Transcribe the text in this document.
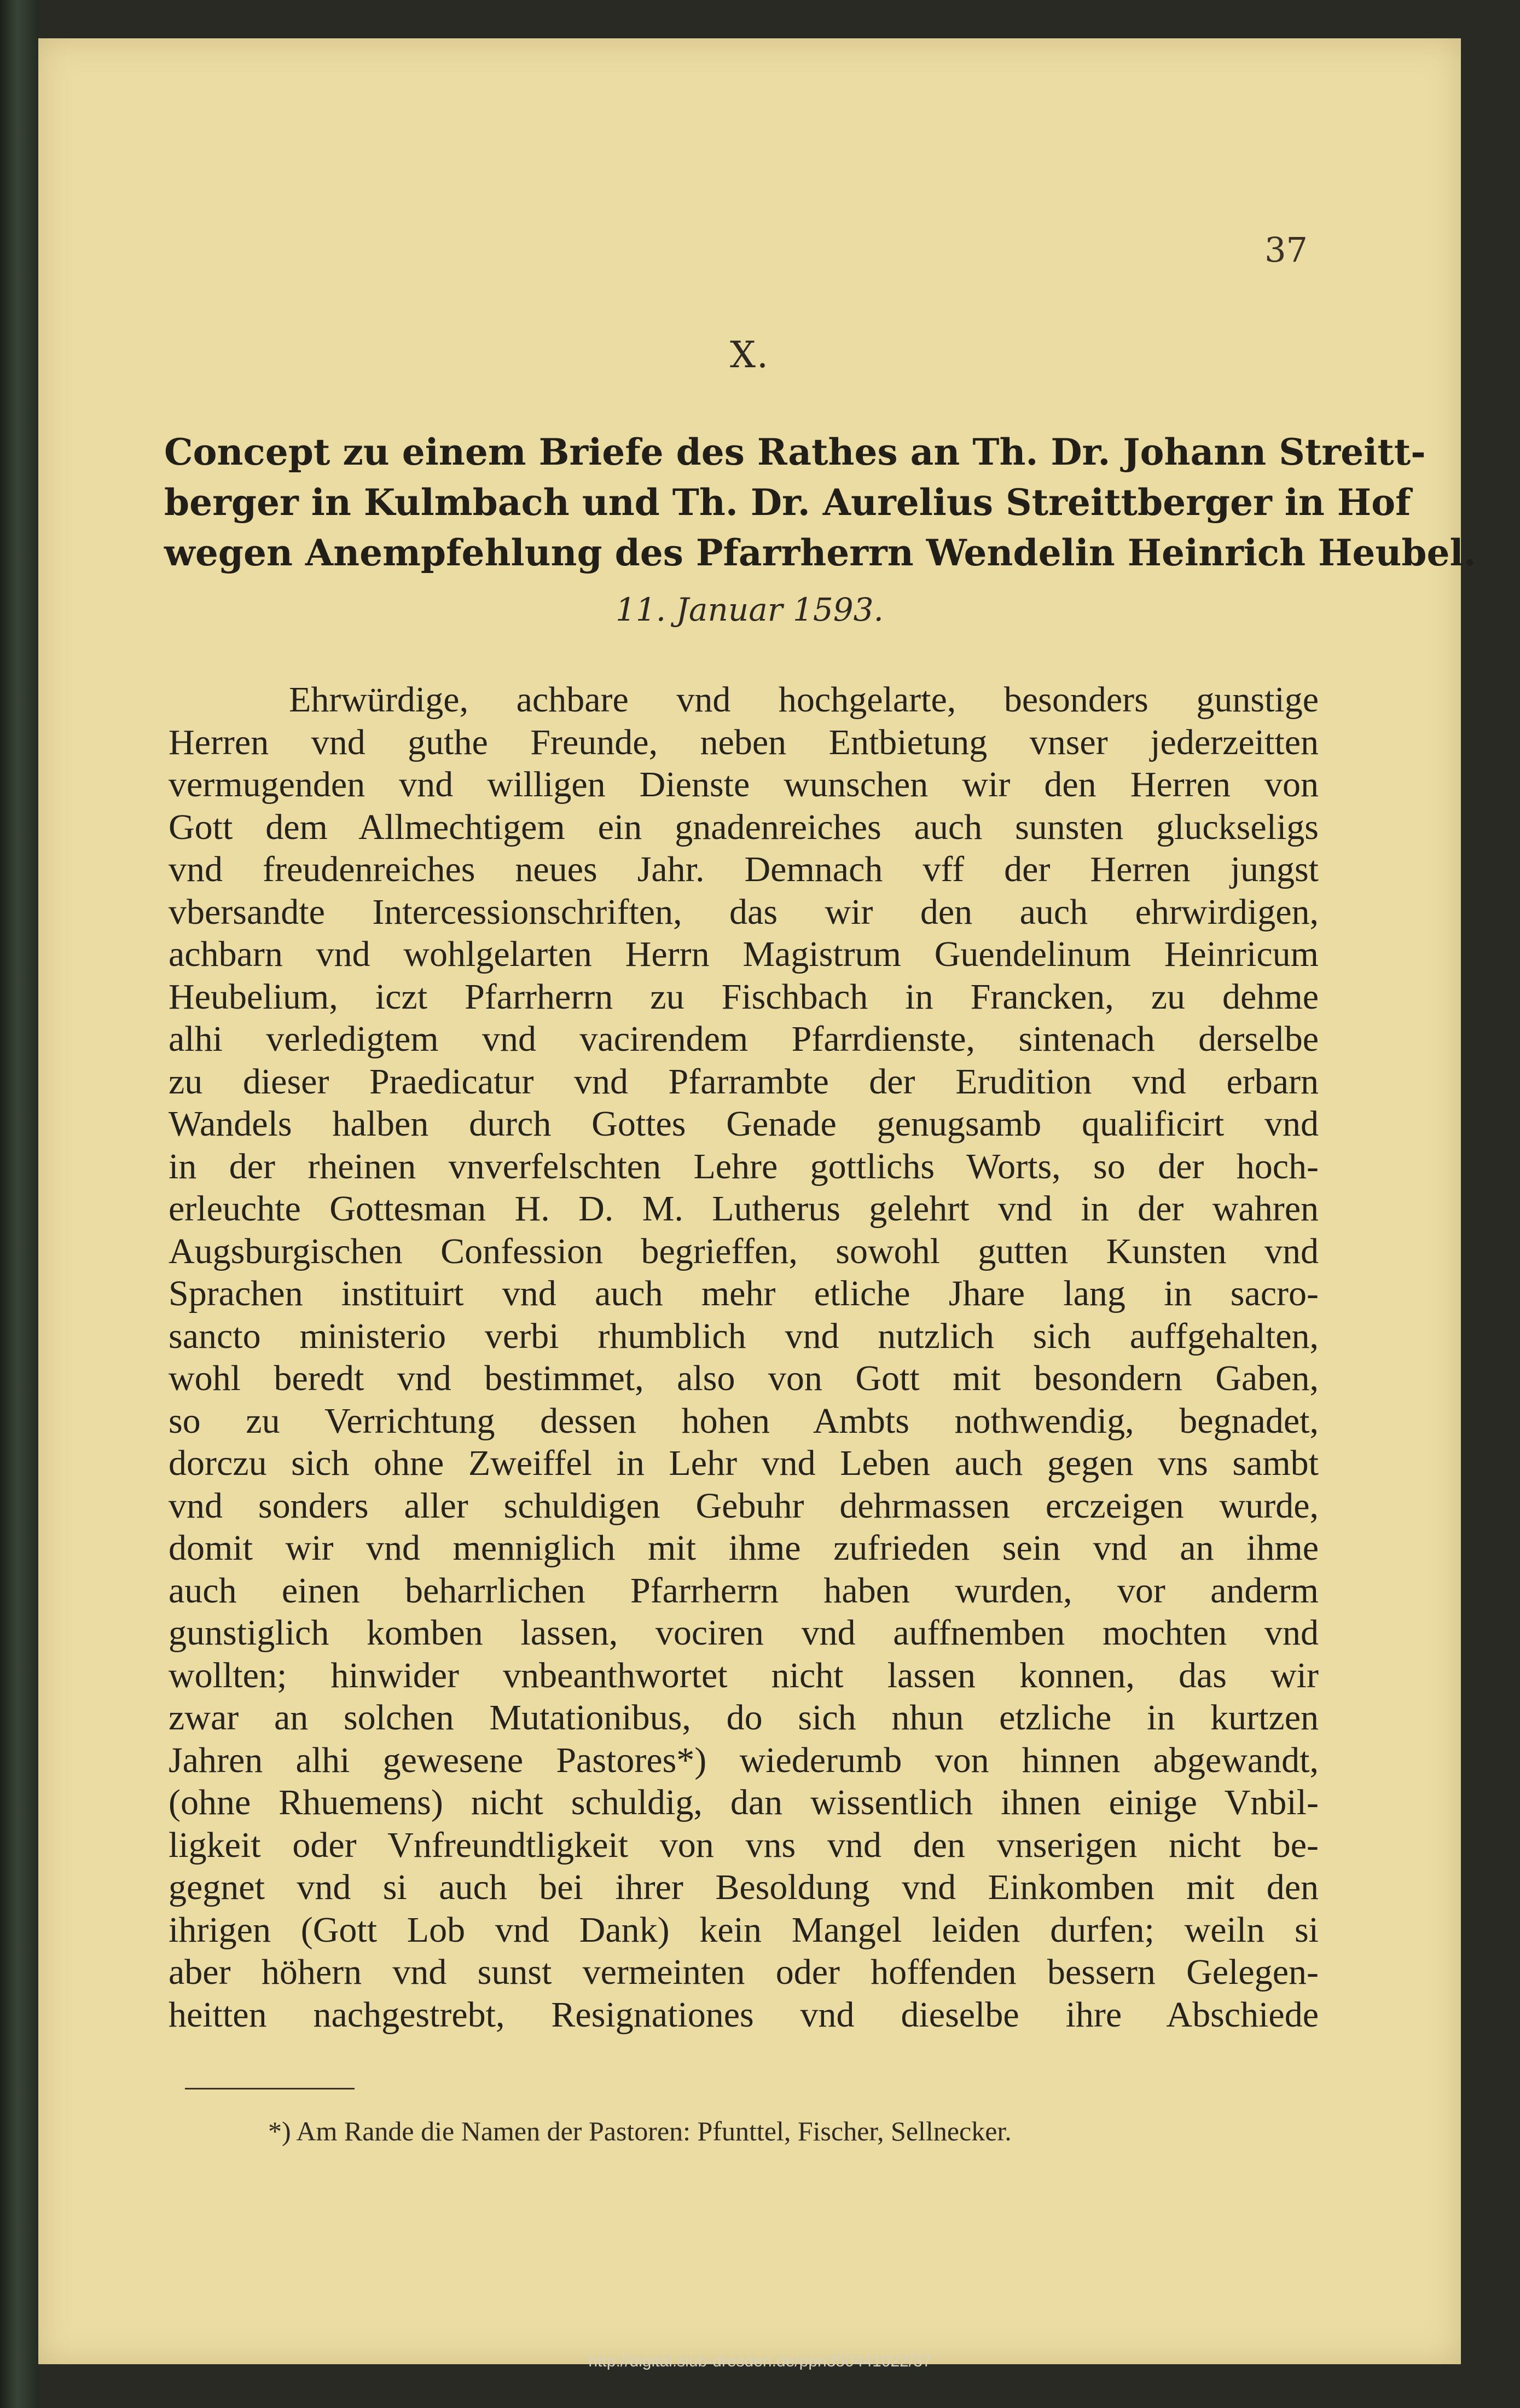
37
X.
Concept zu einem Briefe des Rathes an Th. Dr. Johann Streitt-
berger in Kulmbach und Th. Dr. Aurelius Streittberger in Hof
wegen Anempfehlung des Pfarrherrn Wendelin Heinrich Heubel.
11. Januar 1593.
Ehrwürdige, achbare vnd hochgelarte, besonders gunstige
Herren vnd guthe Freunde, neben Entbietung vnser jederzeitten
vermugenden vnd willigen Dienste wunschen wir den Herren von
Gott dem Allmechtigem ein gnadenreiches auch sunsten gluckseligs
vnd freudenreiches neues Jahr. Demnach vff der Herren jungst
vbersandte Intercessionschriften, das wir den auch ehrwirdigen,
achbarn vnd wohlgelarten Herrn Magistrum Guendelinum Heinricum
Heubelium, iczt Pfarrherrn zu Fischbach in Francken, zu dehme
alhi verledigtem vnd vacirendem Pfarrdienste, sintenach derselbe
zu dieser Praedicatur vnd Pfarrambte der Erudition vnd erbarn
Wandels halben durch Gottes Genade genugsamb qualificirt vnd
in der rheinen vnverfelschten Lehre gottlichs Worts, so der hoch-
erleuchte Gottesman H. D. M. Lutherus gelehrt vnd in der wahren
Augsburgischen Confession begrieffen, sowohl gutten Kunsten vnd
Sprachen instituirt vnd auch mehr etliche Jhare lang in sacro-
sancto ministerio verbi rhumblich vnd nutzlich sich auffgehalten,
wohl beredt vnd bestimmet, also von Gott mit besondern Gaben,
so zu Verrichtung dessen hohen Ambts nothwendig, begnadet,
dorczu sich ohne Zweiffel in Lehr vnd Leben auch gegen vns sambt
vnd sonders aller schuldigen Gebuhr dehrmassen erczeigen wurde,
domit wir vnd menniglich mit ihme zufrieden sein vnd an ihme
auch einen beharrlichen Pfarrherrn haben wurden, vor anderm
gunstiglich komben lassen, vociren vnd auffnemben mochten vnd
wollten; hinwider vnbeanthwortet nicht lassen konnen, das wir
zwar an solchen Mutationibus, do sich nhun etzliche in kurtzen
Jahren alhi gewesene Pastores*) wiederumb von hinnen abgewandt,
(ohne Rhuemens) nicht schuldig, dan wissentlich ihnen einige Vnbil-
ligkeit oder Vnfreundtligkeit von vns vnd den vnserigen nicht be-
gegnet vnd si auch bei ihrer Besoldung vnd Einkomben mit den
ihrigen (Gott Lob vnd Dank) kein Mangel leiden durfen; weiln si
aber höhern vnd sunst vermeinten oder hoffenden bessern Gelegen-
heitten nachgestrebt, Resignationes vnd dieselbe ihre Abschiede
*) Am Rande die Namen der Pastoren: Pfunttel, Fischer, Sellnecker.
http://digital.slub-dresden.de/ppn350441022/37
